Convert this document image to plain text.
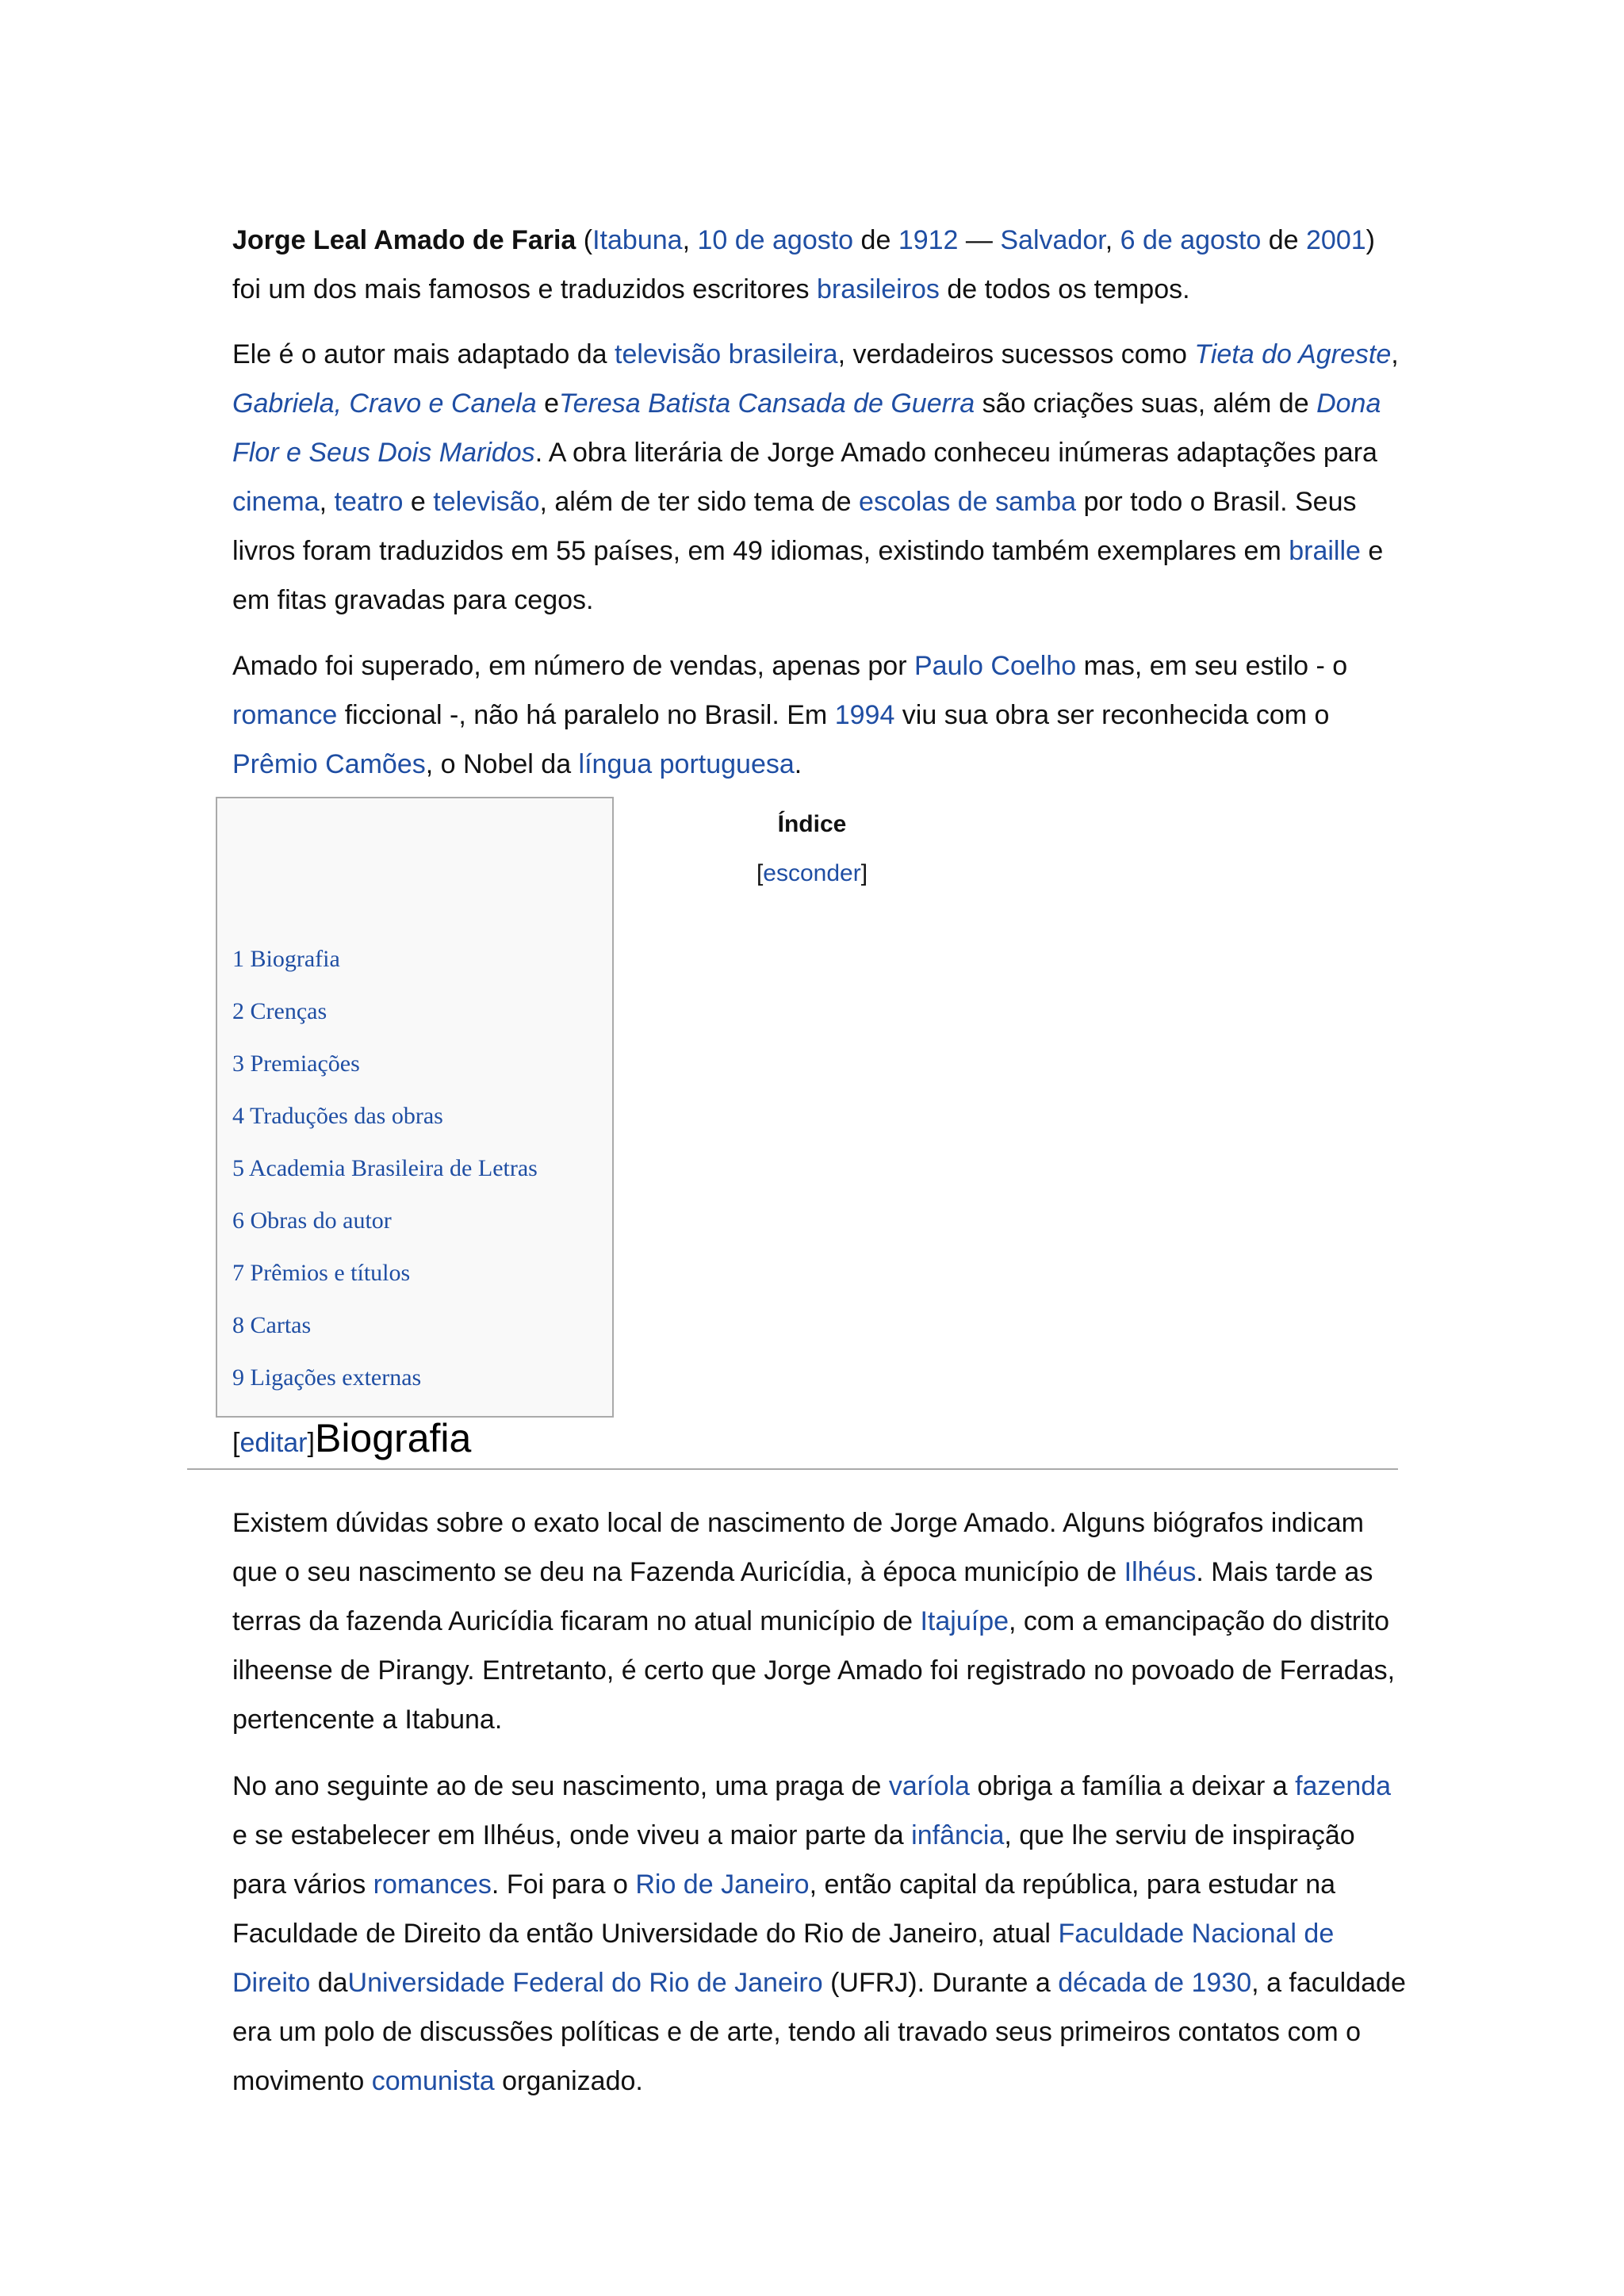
Jorge Leal Amado de Faria (Itabuna, 10 de agosto de 1912 — Salvador, 6 de agosto de 2001) foi um dos mais famosos e traduzidos escritores brasileiros de todos os tempos.

Ele é o autor mais adaptado da televisão brasileira, verdadeiros sucessos como Tieta do Agreste, Gabriela, Cravo e Canela eTeresa Batista Cansada de Guerra são criações suas, além de Dona Flor e Seus Dois Maridos. A obra literária de Jorge Amado conheceu inúmeras adaptações para cinema, teatro e televisão, além de ter sido tema de escolas de samba por todo o Brasil. Seus livros foram traduzidos em 55 países, em 49 idiomas, existindo também exemplares em braille e em fitas gravadas para cegos.

Amado foi superado, em número de vendas, apenas por Paulo Coelho mas, em seu estilo - o romance ficcional -, não há paralelo no Brasil. Em 1994 viu sua obra ser reconhecida com o Prêmio Camões, o Nobel da língua portuguesa.

Índice
[esconder]
1 Biografia
2 Crenças
3 Premiações
4 Traduções das obras
5 Academia Brasileira de Letras
6 Obras do autor
7 Prêmios e títulos
8 Cartas
9 Ligações externas
[editar]Biografia

Existem dúvidas sobre o exato local de nascimento de Jorge Amado. Alguns biógrafos indicam que o seu nascimento se deu na Fazenda Auricídia, à época município de Ilhéus. Mais tarde as terras da fazenda Auricídia ficaram no atual município de Itajuípe, com a emancipação do distrito ilheense de Pirangy. Entretanto, é certo que Jorge Amado foi registrado no povoado de Ferradas, pertencente a Itabuna.

No ano seguinte ao de seu nascimento, uma praga de varíola obriga a família a deixar a fazenda e se estabelecer em Ilhéus, onde viveu a maior parte da infância, que lhe serviu de inspiração para vários romances. Foi para o Rio de Janeiro, então capital da república, para estudar na Faculdade de Direito da então Universidade do Rio de Janeiro, atual Faculdade Nacional de Direito daUniversidade Federal do Rio de Janeiro (UFRJ). Durante a década de 1930, a faculdade era um polo de discussões políticas e de arte, tendo ali travado seus primeiros contatos com o movimento comunista organizado.
